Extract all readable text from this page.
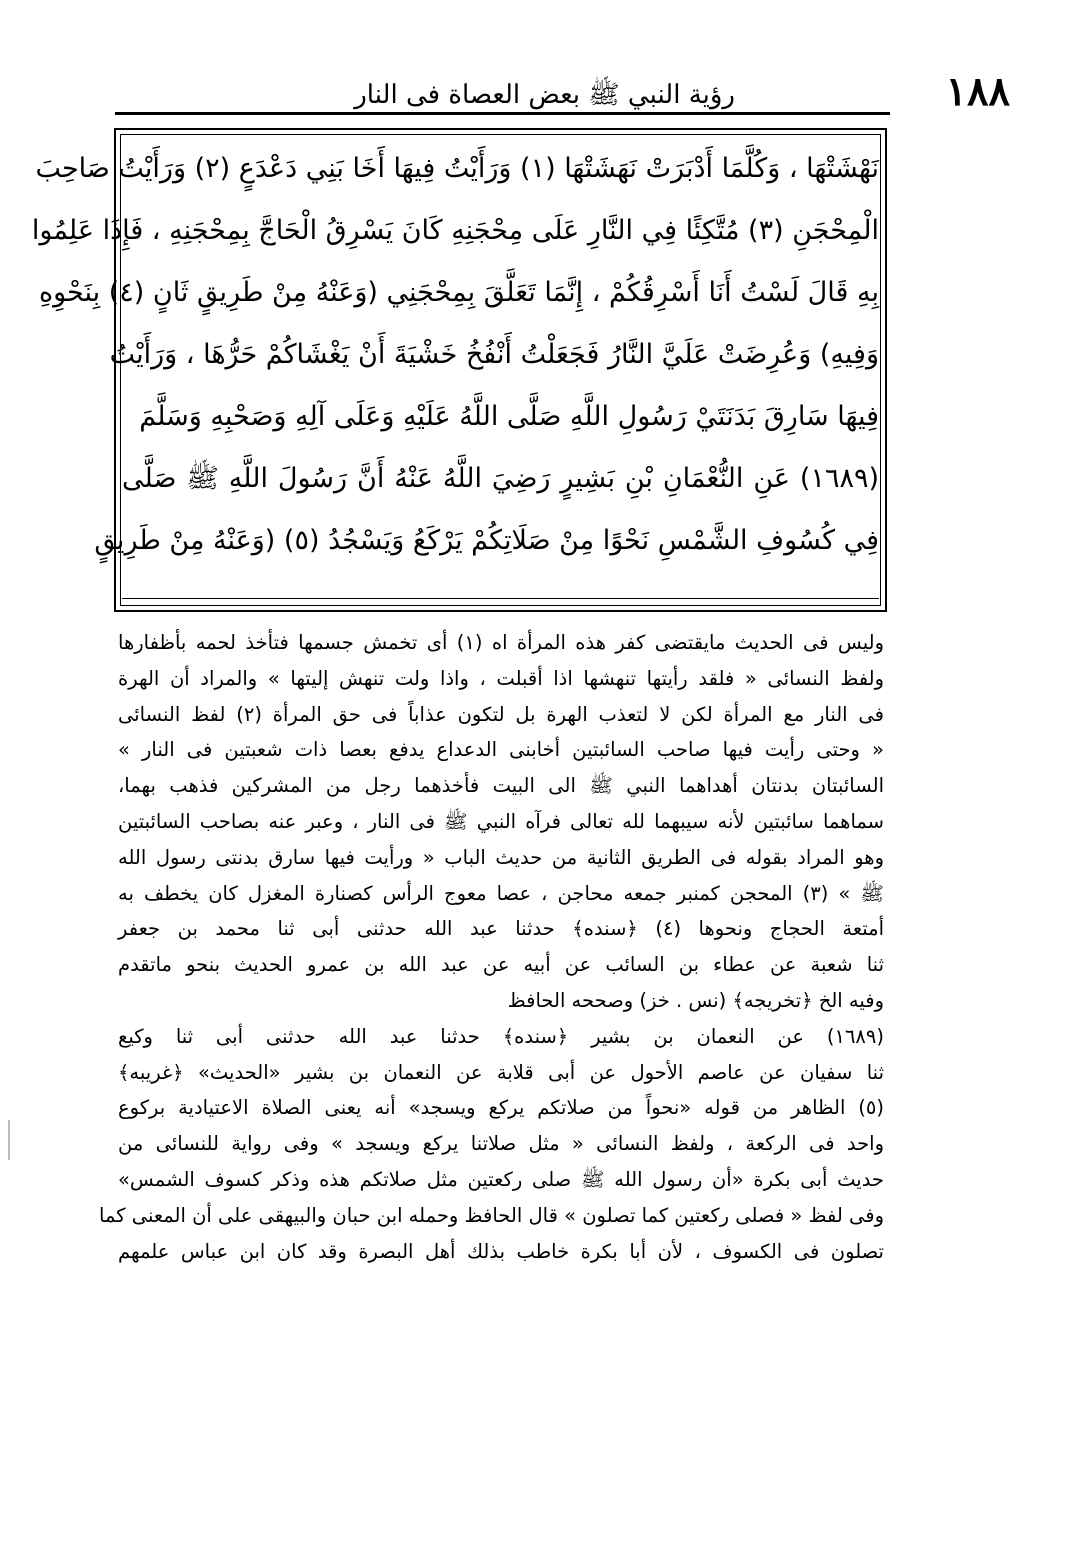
١٨٨
رؤية النبي ﷺ بعض العصاة فى النار
نَهْشَتْهَا ، وَكُلَّمَا أَدْبَرَتْ نَهَشَتْهَا (١) وَرَأَيْتُ فِيهَا أَخَا بَنِي دَعْدَعٍ (٢) وَرَأَيْتُ صَاحِبَ
الْمِحْجَنِ (٣) مُتَّكِئًا فِي النَّارِ عَلَى مِحْجَنِهِ كَانَ يَسْرِقُ الْحَاجَّ بِمِحْجَنِهِ ، فَإِذَا عَلِمُوا
بِهِ قَالَ لَسْتُ أَنَا أَسْرِقُكُمْ ، إِنَّمَا تَعَلَّقَ بِمِحْجَنِي (وَعَنْهُ مِنْ طَرِيقٍ ثَانٍ (٤) بِنَحْوِهِ
وَفِيهِ) وَعُرِضَتْ عَلَيَّ النَّارُ فَجَعَلْتُ أَنْفُخُ خَشْيَةَ أَنْ يَغْشَاكُمْ حَرُّهَا ، وَرَأَيْتُ
فِيهَا سَارِقَ بَدَنَتَيْ رَسُولِ اللَّهِ صَلَّى اللَّهُ عَلَيْهِ وَعَلَى آلِهِ وَصَحْبِهِ وَسَلَّمَ
(١٦٨٩) عَنِ النُّعْمَانِ بْنِ بَشِيرٍ رَضِيَ اللَّهُ عَنْهُ أَنَّ رَسُولَ اللَّهِ ﷺ صَلَّى
فِي كُسُوفِ الشَّمْسِ نَحْوًا مِنْ صَلَاتِكُمْ يَرْكَعُ وَيَسْجُدُ (٥) (وَعَنْهُ مِنْ طَرِيقٍ
وليس فى الحديث مايقتضى كفر هذه المرأة اه (١) أى تخمش جسمها فتأخذ لحمه بأظفارها
ولفظ النسائى « فلقد رأيتها تنهشها اذا أقبلت ، واذا ولت تنهش إليتها » والمراد أن الهرة
فى النار مع المرأة لكن لا لتعذب الهرة بل لتكون عذاباً فى حق المرأة (٢) لفظ النسائى
« وحتى رأيت فيها صاحب السائبتين أخابنى الدعداع يدفع بعصا ذات شعبتين فى النار »
السائبتان بدنتان أهداهما النبي ﷺ الى البيت فأخذهما رجل من المشركين فذهب بهما،
سماهما سائبتين لأنه سيبهما لله تعالى فرآه النبي ﷺ فى النار ، وعبر عنه بصاحب السائبتين
وهو المراد بقوله فى الطريق الثانية من حديث الباب « ورأيت فيها سارق بدنتى رسول الله
ﷺ » (٣) المحجن كمنبر جمعه محاجن ، عصا معوج الرأس كصنارة المغزل كان يخطف به
أمتعة الحجاج ونحوها (٤) ﴿سنده﴾ حدثنا عبد الله حدثنى أبى ثنا محمد بن جعفر
ثنا شعبة عن عطاء بن السائب عن أبيه عن عبد الله بن عمرو الحديث بنحو ماتقدم
وفيه الخ ﴿تخريجه﴾ (نس . خز) وصححه الحافظ
(١٦٨٩) عن النعمان بن بشير ﴿سنده﴾ حدثنا عبد الله حدثنى أبى ثنا وكيع
ثنا سفيان عن عاصم الأحول عن أبى قلابة عن النعمان بن بشير «الحديث» ﴿غريبه﴾
(٥) الظاهر من قوله «نحواً من صلاتكم يركع ويسجد» أنه يعنى الصلاة الاعتيادية بركوع
واحد فى الركعة ، ولفظ النسائى « مثل صلاتنا يركع ويسجد » وفى رواية للنسائى من
حديث أبى بكرة «أن رسول الله ﷺ صلى ركعتين مثل صلاتكم هذه وذكر كسوف الشمس»
وفى لفظ « فصلى ركعتين كما تصلون » قال الحافظ وحمله ابن حبان والبيهقى على أن المعنى كما
تصلون فى الكسوف ، لأن أبا بكرة خاطب بذلك أهل البصرة وقد كان ابن عباس علمهم
